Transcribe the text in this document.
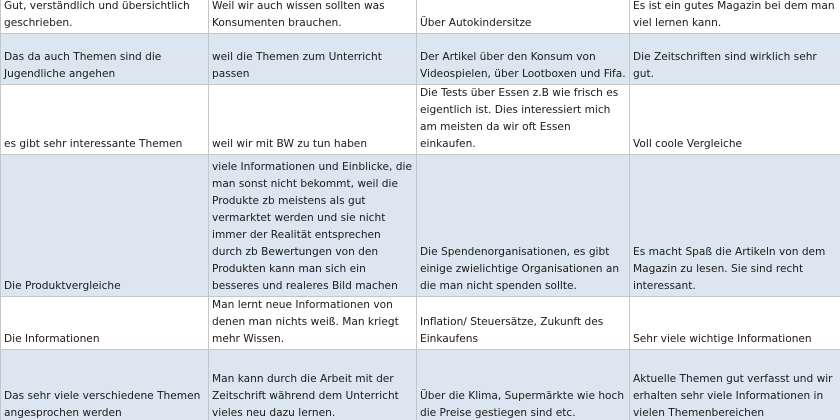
Gut, verständlich und übersichtlich geschrieben.	Weil wir auch wissen sollten was Konsumenten brauchen.	Über Autokindersitze	Es ist ein gutes Magazin bei dem man viel lernen kann.
Das da auch Themen sind die Jugendliche angehen	weil die Themen zum Unterricht passen	Der Artikel über den Konsum von Videospielen, über Lootboxen und Fifa.	Die Zeitschriften sind wirklich sehr gut.
es gibt sehr interessante Themen	weil wir mit BW zu tun haben	Die Tests über Essen z.B wie frisch es eigentlich ist. Dies interessiert mich am meisten da wir oft Essen einkaufen.	Voll coole Vergleiche
Die Produktvergleiche	viele Informationen und Einblicke, die man sonst nicht bekommt, weil die Produkte zb meistens als gut vermarktet werden und sie nicht immer der Realität entsprechen durch zb Bewertungen von den Produkten kann man sich ein besseres und realeres Bild machen	Die Spendenorganisationen, es gibt einige zwielichtige Organisationen an die man nicht spenden sollte.	Es macht Spaß die Artikeln von dem Magazin zu lesen. Sie sind recht interessant.
Die Informationen	Man lernt neue Informationen von denen man nichts weiß. Man kriegt mehr Wissen.	Inflation/ Steuersätze, Zukunft des Einkaufens	Sehr viele wichtige Informationen
Das sehr viele verschiedene Themen angesprochen werden	Man kann durch die Arbeit mit der Zeitschrift während dem Unterricht vieles neu dazu lernen.	Über die Klima, Supermärkte wie hoch die Preise gestiegen sind etc.	Aktuelle Themen gut verfasst und wir erhalten sehr viele Informationen in vielen Themenbereichen
